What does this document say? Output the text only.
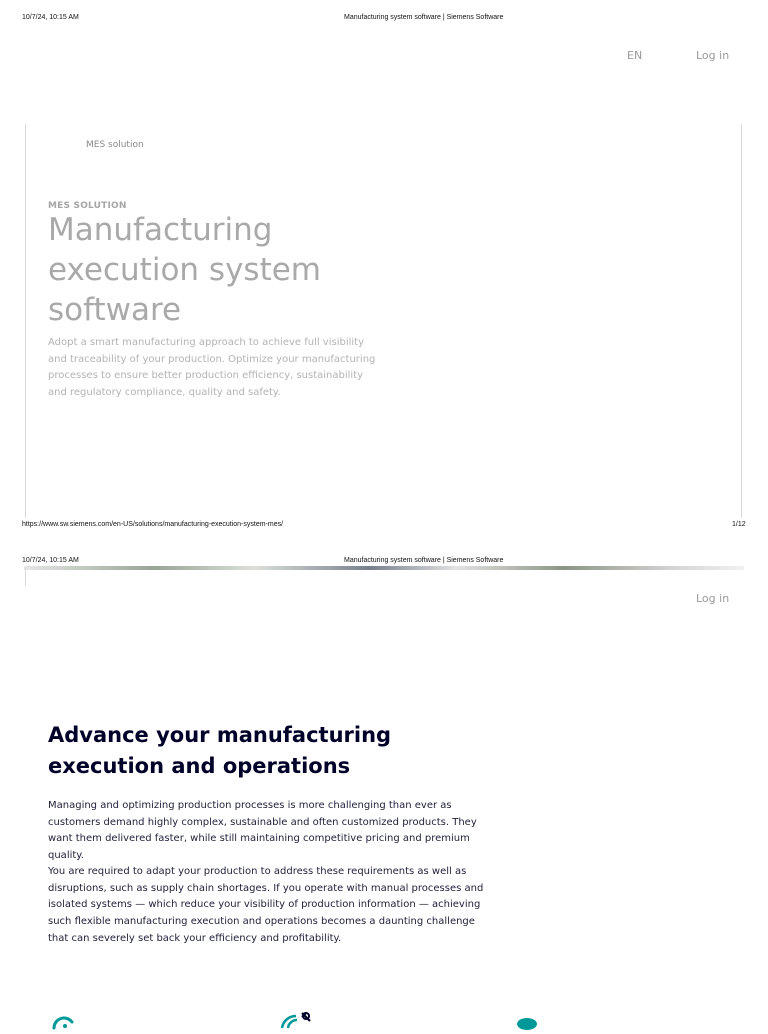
10/7/24, 10:15 AM	Manufacturing system software | Siemens Software
EN	Log in
MES solution
MES SOLUTION
Manufacturing execution system software

Adopt a smart manufacturing approach to achieve full visibility and traceability of your production. Optimize your manufacturing processes to ensure better production efficiency, sustainability and regulatory compliance, quality and safety.

https://www.sw.siemens.com/en-US/solutions/manufacturing-execution-system-mes/	1/12
10/7/24, 10:15 AM	Manufacturing system software | Siemens Software
Log in
Advance your manufacturing execution and operations

Managing and optimizing production processes is more challenging than ever as customers demand highly complex, sustainable and often customized products. They want them delivered faster, while still maintaining competitive pricing and premium quality.

You are required to adapt your production to address these requirements as well as disruptions, such as supply chain shortages. If you operate with manual processes and isolated systems — which reduce your visibility of production information — achieving such flexible manufacturing execution and operations becomes a daunting challenge that can severely set back your efficiency and profitability.
